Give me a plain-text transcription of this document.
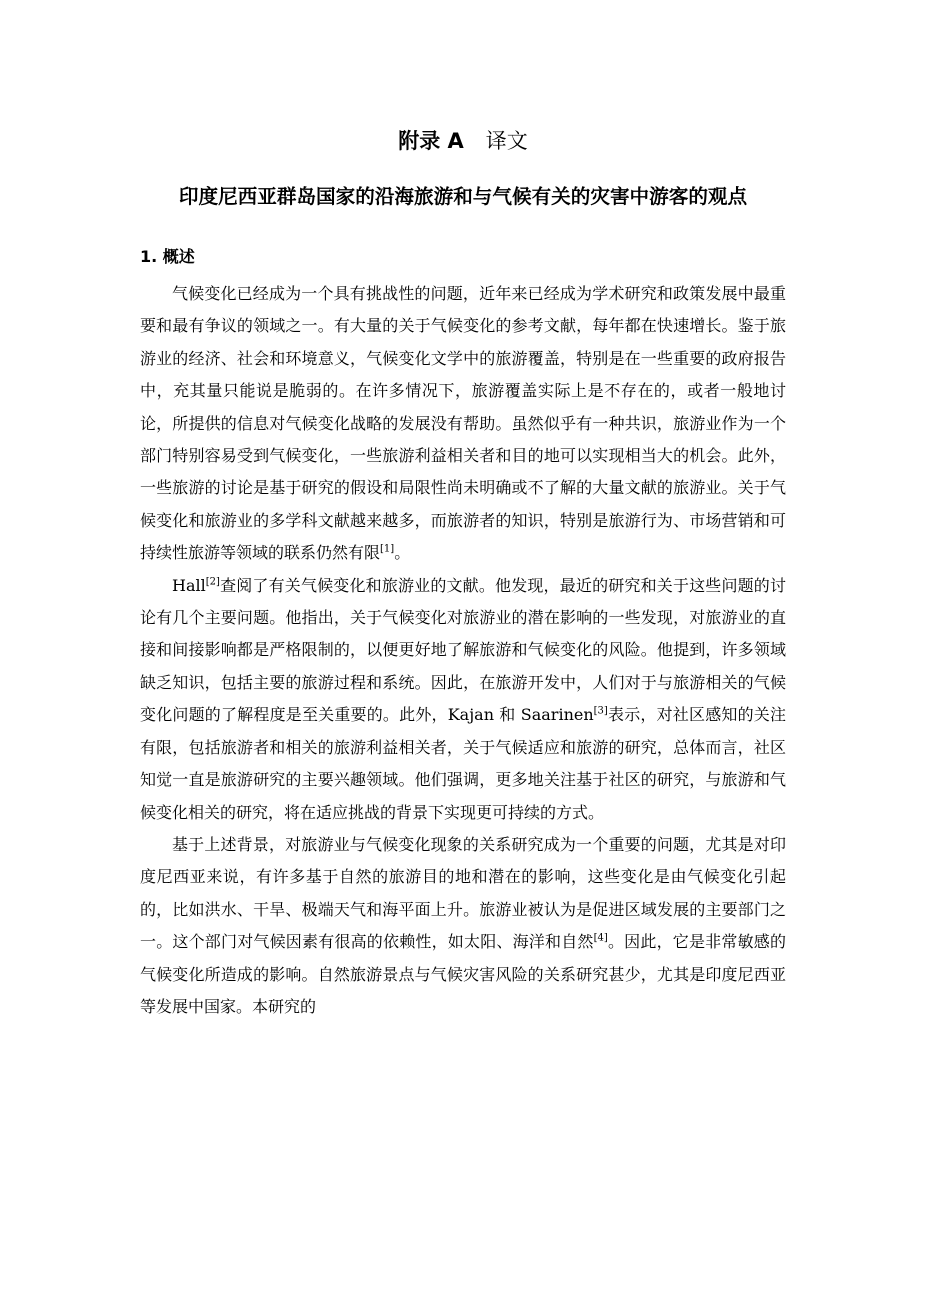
附录 A 译文
印度尼西亚群岛国家的沿海旅游和与气候有关的灾害中游客的观点
1. 概述

气候变化已经成为一个具有挑战性的问题，近年来已经成为学术研究和政策发展中最重要和最有争议的领域之一。有大量的关于气候变化的参考文献，每年都在快速增长。鉴于旅游业的经济、社会和环境意义，气候变化文学中的旅游覆盖，特别是在一些重要的政府报告中，充其量只能说是脆弱的。在许多情况下，旅游覆盖实际上是不存在的，或者一般地讨论，所提供的信息对气候变化战略的发展没有帮助。虽然似乎有一种共识，旅游业作为一个部门特别容易受到气候变化，一些旅游利益相关者和目的地可以实现相当大的机会。此外，一些旅游的讨论是基于研究的假设和局限性尚未明确或不了解的大量文献的旅游业。关于气候变化和旅游业的多学科文献越来越多，而旅游者的知识，特别是旅游行为、市场营销和可持续性旅游等领域的联系仍然有限[1]。

Hall[2]查阅了有关气候变化和旅游业的文献。他发现，最近的研究和关于这些问题的讨论有几个主要问题。他指出，关于气候变化对旅游业的潜在影响的一些发现，对旅游业的直接和间接影响都是严格限制的，以便更好地了解旅游和气候变化的风险。他提到，许多领域缺乏知识，包括主要的旅游过程和系统。因此，在旅游开发中，人们对于与旅游相关的气候变化问题的了解程度是至关重要的。此外，Kajan 和 Saarinen[3]表示，对社区感知的关注有限，包括旅游者和相关的旅游利益相关者，关于气候适应和旅游的研究，总体而言，社区知觉一直是旅游研究的主要兴趣领域。他们强调，更多地关注基于社区的研究，与旅游和气候变化相关的研究，将在适应挑战的背景下实现更可持续的方式。

基于上述背景，对旅游业与气候变化现象的关系研究成为一个重要的问题，尤其是对印度尼西亚来说，有许多基于自然的旅游目的地和潜在的影响，这些变化是由气候变化引起的，比如洪水、干旱、极端天气和海平面上升。旅游业被认为是促进区域发展的主要部门之一。这个部门对气候因素有很高的依赖性，如太阳、海洋和自然[4]。因此，它是非常敏感的气候变化所造成的影响。自然旅游景点与气候灾害风险的关系研究甚少，尤其是印度尼西亚等发展中国家。本研究的
